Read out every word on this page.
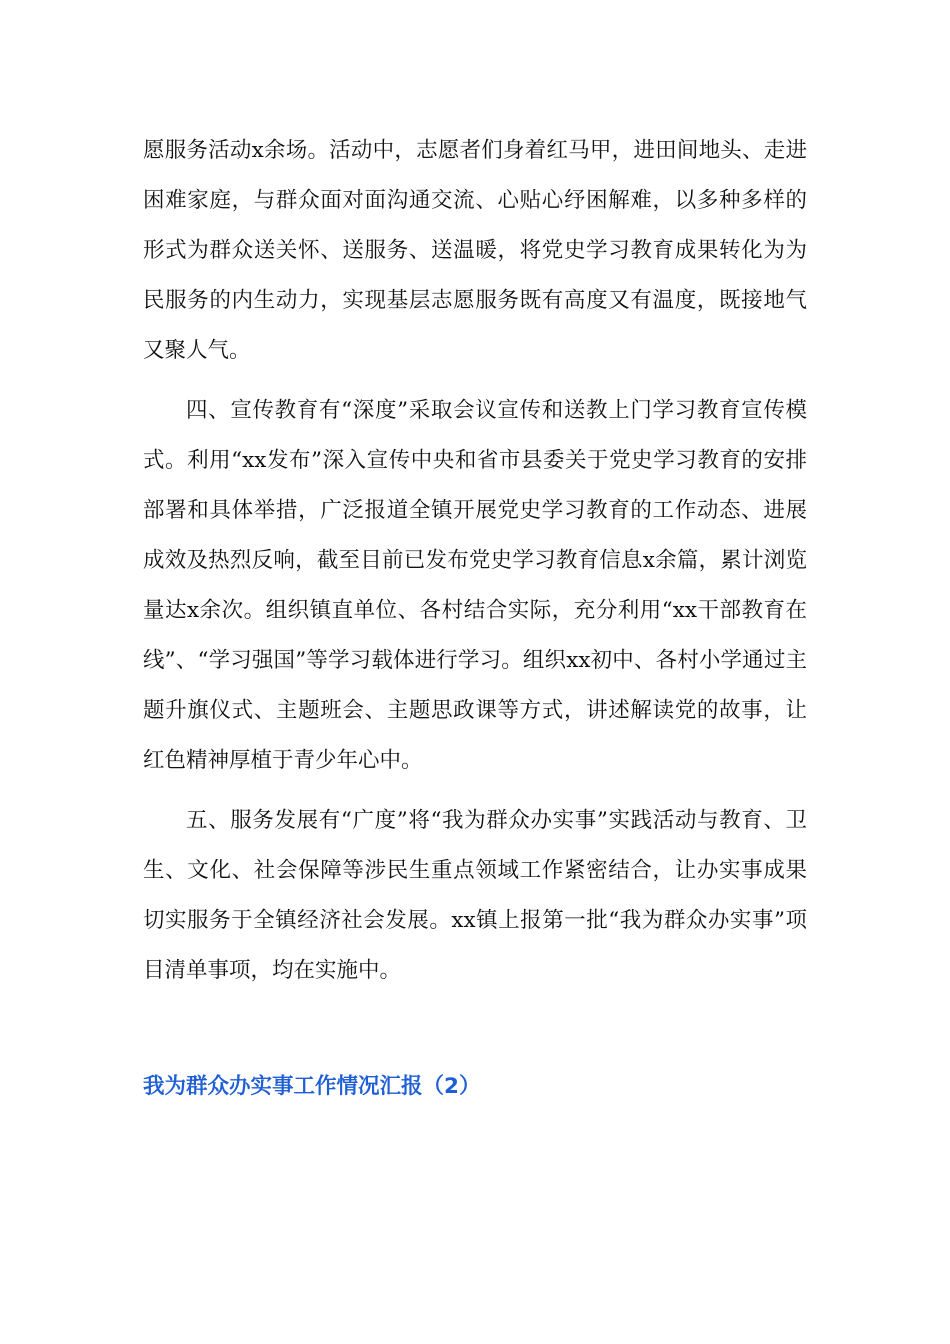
愿服务活动x余场。活动中，志愿者们身着红马甲，进田间地头、走进困难家庭，与群众面对面沟通交流、心贴心纾困解难，以多种多样的形式为群众送关怀、送服务、送温暖，将党史学习教育成果转化为为民服务的内生动力，实现基层志愿服务既有高度又有温度，既接地气又聚人气。

四、宣传教育有“深度”采取会议宣传和送教上门学习教育宣传模式。利用“xx发布”深入宣传中央和省市县委关于党史学习教育的安排部署和具体举措，广泛报道全镇开展党史学习教育的工作动态、进展成效及热烈反响，截至目前已发布党史学习教育信息x余篇，累计浏览量达x余次。组织镇直单位、各村结合实际，充分利用“xx干部教育在线”、“学习强国”等学习载体进行学习。组织xx初中、各村小学通过主题升旗仪式、主题班会、主题思政课等方式，讲述解读党的故事，让红色精神厚植于青少年心中。

五、服务发展有“广度”将“我为群众办实事”实践活动与教育、卫生、文化、社会保障等涉民生重点领域工作紧密结合，让办实事成果切实服务于全镇经济社会发展。xx镇上报第一批“我为群众办实事”项目清单事项，均在实施中。

我为群众办实事工作情况汇报（2）
